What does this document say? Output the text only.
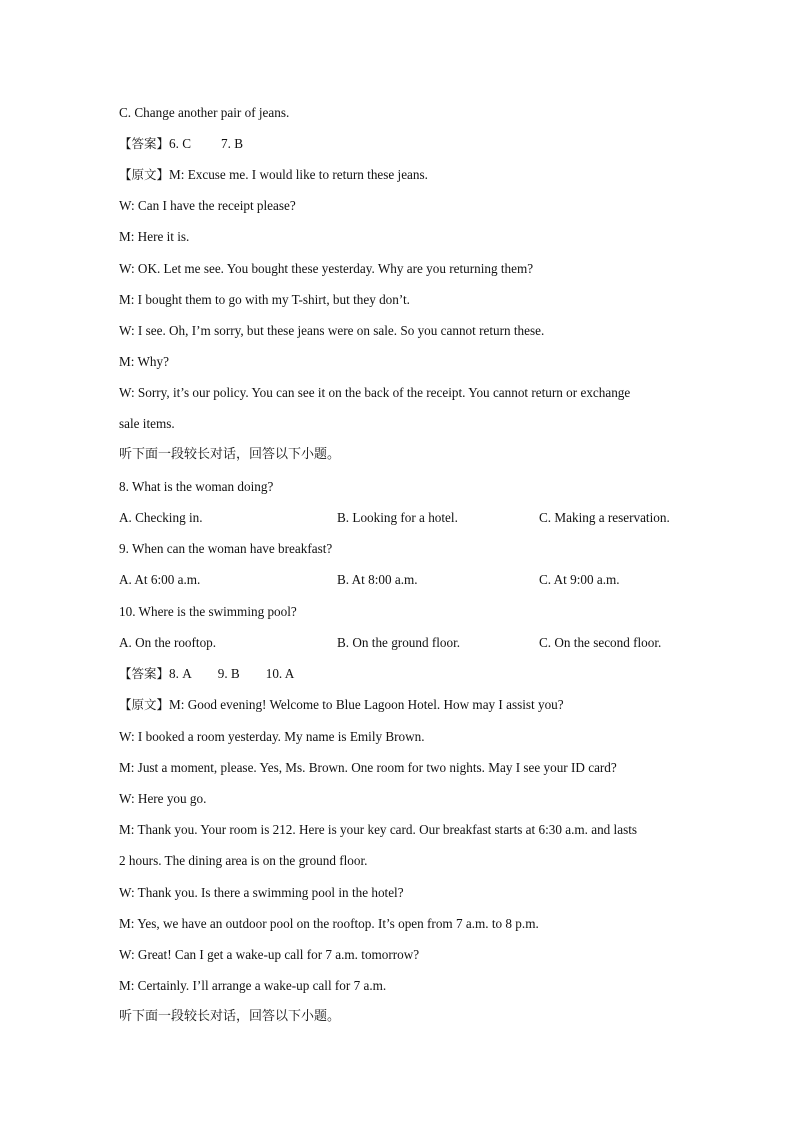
C. Change another pair of jeans.
【答案】6. C 7. B
【原文】M: Excuse me. I would like to return these jeans.
W: Can I have the receipt please?
M: Here it is.
W: OK. Let me see. You bought these yesterday. Why are you returning them?
M: I bought them to go with my T-shirt, but they don’t.
W: I see. Oh, I’m sorry, but these jeans were on sale. So you cannot return these.
M: Why?
W: Sorry, it’s our policy. You can see it on the back of the receipt. You cannot return or exchange
sale items.
听下面一段较长对话，回答以下小题。
8. What is the woman doing?
A. Checking in.	B. Looking for a hotel.	C. Making a reservation.
9. When can the woman have breakfast?
A. At 6:00 a.m.	B. At 8:00 a.m.	C. At 9:00 a.m.
10. Where is the swimming pool?
A. On the rooftop.	B. On the ground floor.	C. On the second floor.
【答案】8. A 9. B 10. A
【原文】M: Good evening! Welcome to Blue Lagoon Hotel. How may I assist you?
W: I booked a room yesterday. My name is Emily Brown.
M: Just a moment, please. Yes, Ms. Brown. One room for two nights. May I see your ID card?
W: Here you go.
M: Thank you. Your room is 212. Here is your key card. Our breakfast starts at 6:30 a.m. and lasts
2 hours. The dining area is on the ground floor.
W: Thank you. Is there a swimming pool in the hotel?
M: Yes, we have an outdoor pool on the rooftop. It’s open from 7 a.m. to 8 p.m.
W: Great! Can I get a wake-up call for 7 a.m. tomorrow?
M: Certainly. I’ll arrange a wake-up call for 7 a.m.
听下面一段较长对话，回答以下小题。
